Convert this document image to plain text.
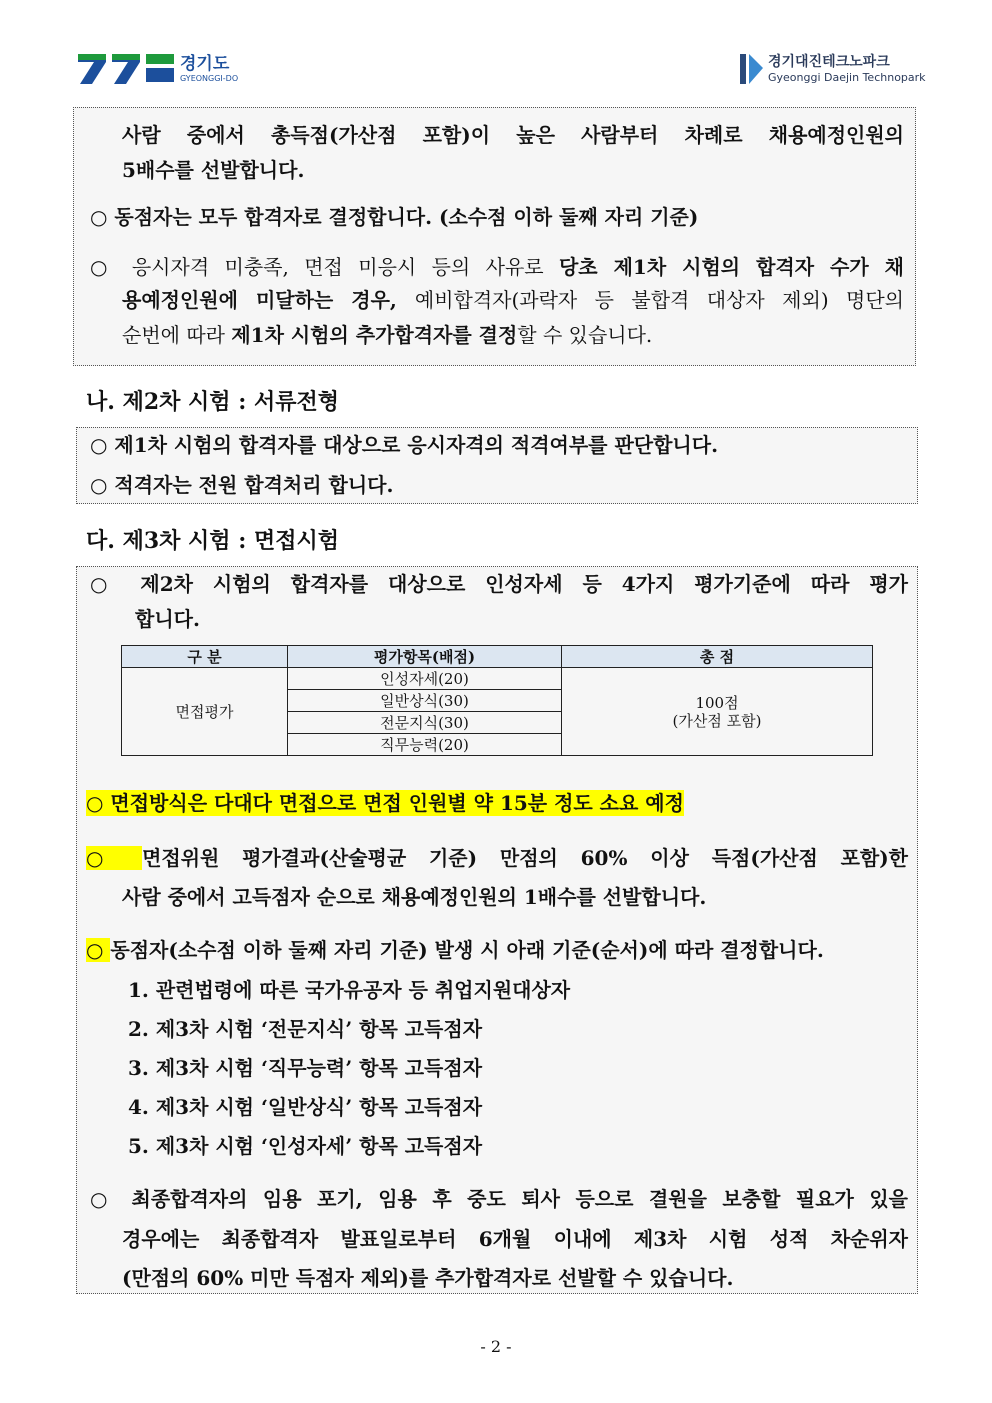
경기도
GYEONGGI-DO
경기대진테크노파크
Gyeonggi Daejin Technopark
사람 중에서 총득점(가산점 포함)이 높은 사람부터 차례로 채용예정인원의
5배수를 선발합니다.
○ 동점자는 모두 합격자로 결정합니다. (소수점 이하 둘째 자리 기준)
○ 응시자격 미충족, 면접 미응시 등의 사유로 당초 제1차 시험의 합격자 수가 채
용예정인원에 미달하는 경우, 예비합격자(과락자 등 불합격 대상자 제외) 명단의
순번에 따라 제1차 시험의 추가합격자를 결정할 수 있습니다.
나. 제2차 시험 : 서류전형
○ 제1차 시험의 합격자를 대상으로 응시자격의 적격여부를 판단합니다.
○ 적격자는 전원 합격처리 합니다.
다. 제3차 시험 : 면접시험
○ 제2차 시험의 합격자를 대상으로 인성자세 등 4가지 평가기준에 따라 평가
합니다.
구 분	평가항목(배점)	총 점
면접평가	인성자세(20)	100점
(가산점 포함)

	일반상식(30)	
	전문지식(30)	
	직무능력(20)	
○ 면접방식은 다대다 면접으로 면접 인원별 약 15분 정도 소요 예정
○ 면접위원 평가결과(산술평균 기준) 만점의 60% 이상 득점(가산점 포함)한
사람 중에서 고득점자 순으로 채용예정인원의 1배수를 선발합니다.
○ 동점자(소수점 이하 둘째 자리 기준) 발생 시 아래 기준(순서)에 따라 결정합니다.
1. 관련법령에 따른 국가유공자 등 취업지원대상자
2. 제3차 시험 ‘전문지식’ 항목 고득점자
3. 제3차 시험 ‘직무능력’ 항목 고득점자
4. 제3차 시험 ‘일반상식’ 항목 고득점자
5. 제3차 시험 ‘인성자세’ 항목 고득점자
○ 최종합격자의 임용 포기, 임용 후 중도 퇴사 등으로 결원을 보충할 필요가 있을
경우에는 최종합격자 발표일로부터 6개월 이내에 제3차 시험 성적 차순위자
(만점의 60% 미만 득점자 제외)를 추가합격자로 선발할 수 있습니다.
- 2 -
